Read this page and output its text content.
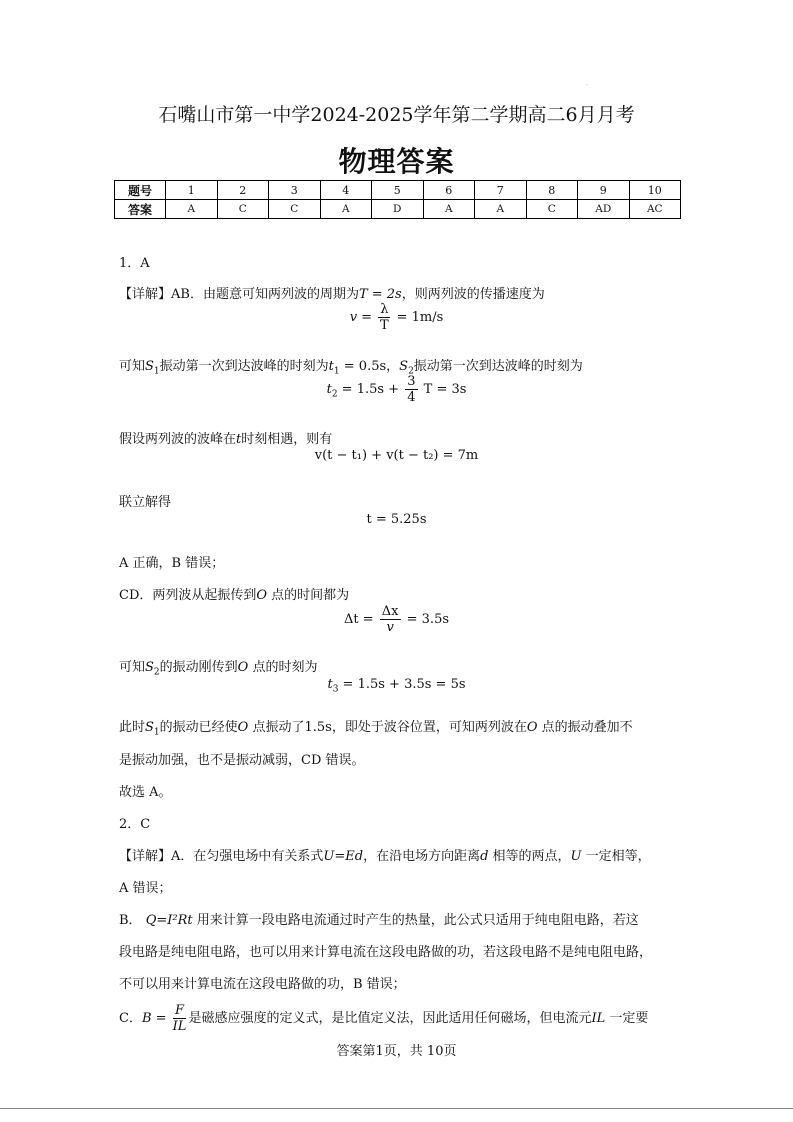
·
石嘴山市第一中学2024-2025学年第二学期高二6月月考
物理答案
题号	1	2	3	4	5	6	7	8	9	10
答案	A	C	C	A	D	A	A	C	AD	AC
1．A
【详解】AB．由题意可知两列波的周期为T = 2s，则两列波的传播速度为
$v = \frac{\lambda}{T} = 1m/s$
可知$S_1$振动第一次到达波峰的时刻为$t_1 = 0.5s$，$S_2$振动第一次到达波峰的时刻为
$t_2 = 1.5s + \frac{3}{4}$ T = 3s
假设两列波的波峰在t时刻相遇，则有
v(t − t₁) + v(t − t₂) = 7m
联立解得
t = 5.25s
A 正确，B 错误；
CD．两列波从起振传到O 点的时间都为
$\Delta t = \frac{\Delta x}{v} = 3.5s$
可知$S_2$的振动刚传到O 点的时刻为
$t_3 = 1.5s + 3.5s = 5s$
此时$S_1$的振动已经使O 点振动了1.5s，即处于波谷位置，可知两列波在O 点的振动叠加不
是振动加强，也不是振动减弱，CD 错误。
故选 A。
2．C
【详解】A．在匀强电场中有关系式U=Ed，在沿电场方向距离d 相等的两点，U 一定相等，
A 错误；
B． Q=I²Rt 用来计算一段电路电流通过时产生的热量，此公式只适用于纯电阻电路，若这
段电路是纯电阻电路，也可以用来计算电流在这段电路做的功，若这段电路不是纯电阻电路，
不可以用来计算电流在这段电路做的功，B 错误；
C．$B = \frac{F}{IL}$ 是磁感应强度的定义式，是比值定义法，因此适用任何磁场，但电流元IL 一定要
答案第1页，共 10页
